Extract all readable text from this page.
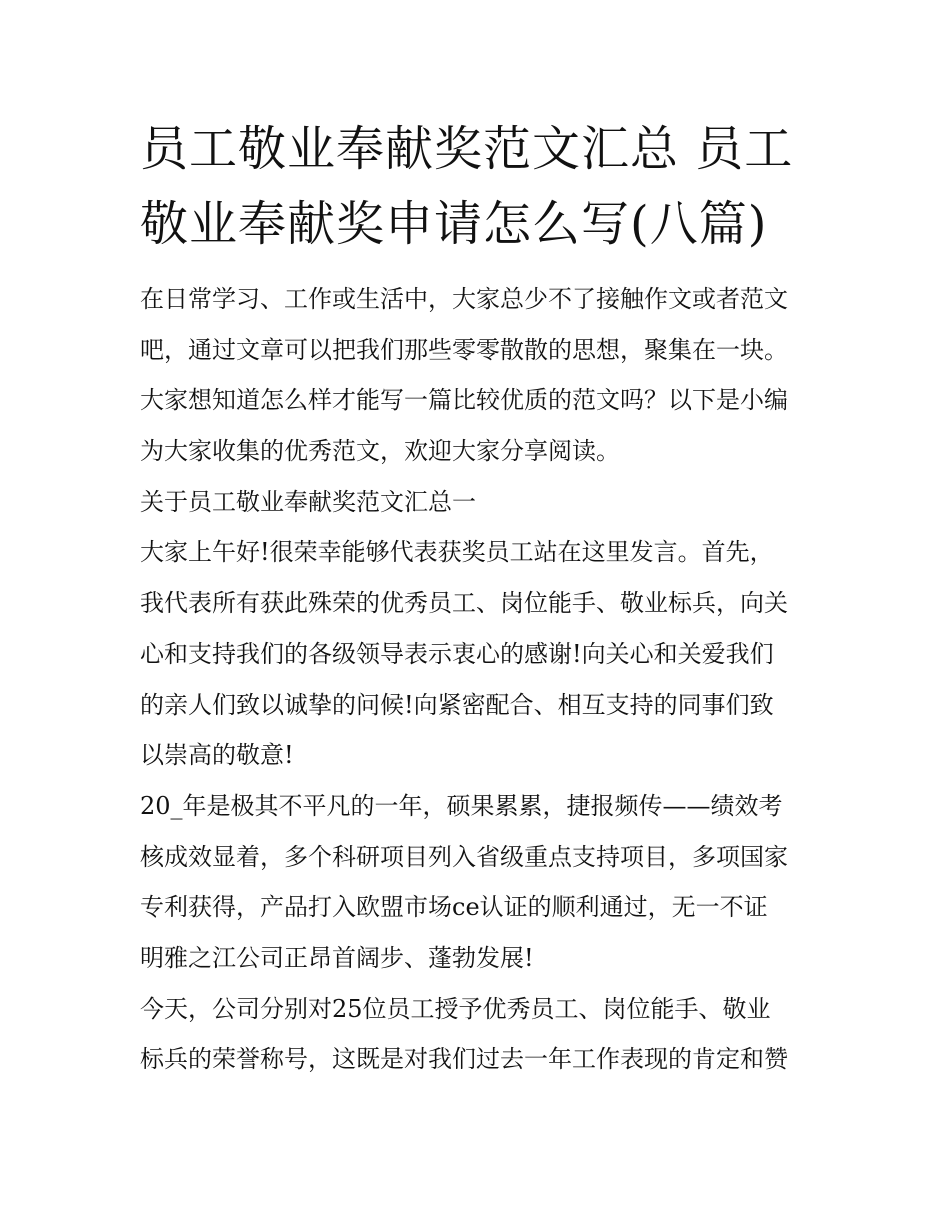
员工敬业奉献奖范文汇总 员工
敬业奉献奖申请怎么写(八篇)
在日常学习、工作或生活中，大家总少不了接触作文或者范文
吧，通过文章可以把我们那些零零散散的思想，聚集在一块。
大家想知道怎么样才能写一篇比较优质的范文吗？以下是小编
为大家收集的优秀范文，欢迎大家分享阅读。
关于员工敬业奉献奖范文汇总一
大家上午好!很荣幸能够代表获奖员工站在这里发言。首先，
我代表所有获此殊荣的优秀员工、岗位能手、敬业标兵，向关
心和支持我们的各级领导表示衷心的感谢!向关心和关爱我们
的亲人们致以诚挚的问候!向紧密配合、相互支持的同事们致
以崇高的敬意!
20_年是极其不平凡的一年，硕果累累，捷报频传——绩效考
核成效显着，多个科研项目列入省级重点支持项目，多项国家
专利获得，产品打入欧盟市场ce认证的顺利通过，无一不证
明雅之江公司正昂首阔步、蓬勃发展!
今天，公司分别对25位员工授予优秀员工、岗位能手、敬业
标兵的荣誉称号，这既是对我们过去一年工作表现的肯定和赞
